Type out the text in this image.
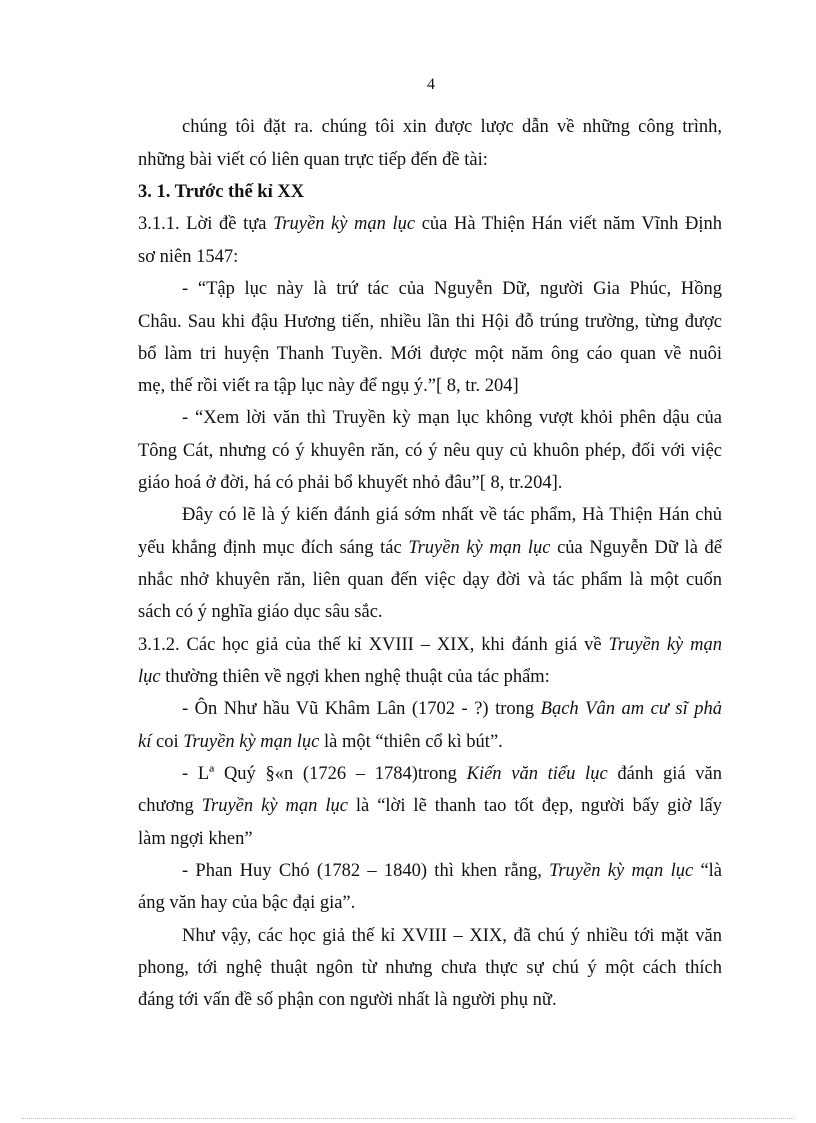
4
chúng tôi đặt ra. chúng tôi xin được lược dẫn về những công trình,
những bài viết có liên quan trực tiếp đến đề tài:
3. 1. Trước thế kỉ XX
3.1.1. Lời đề tựa Truyền kỳ mạn lục của Hà Thiện Hán viết năm Vĩnh Định
sơ niên 1547:
- “Tập lục này là trứ tác của Nguyễn Dữ, người Gia Phúc, Hồng
Châu. Sau khi đậu Hương tiến, nhiều lần thi Hội đỗ trúng trường, từng được
bổ làm tri huyện Thanh Tuyền. Mới được một năm ông cáo quan về nuôi
mẹ, thế rồi viết ra tập lục này để ngụ ý.”[ 8, tr. 204]
- “Xem lời văn thì Truyền kỳ mạn lục không vượt khỏi phên dậu của
Tông Cát, nhưng có ý khuyên răn, có ý nêu quy củ khuôn phép, đối với việc
giáo hoá ở đời, há có phải bổ khuyết nhỏ đâu”[ 8, tr.204].
Đây có lẽ là ý kiến đánh giá sớm nhất về tác phẩm, Hà Thiện Hán chủ
yếu khẳng định mục đích sáng tác Truyền kỳ mạn lục của Nguyễn Dữ là để
nhắc nhở khuyên răn, liên quan đến việc dạy đời và tác phẩm là một cuốn
sách có ý nghĩa giáo dục sâu sắc.
3.1.2. Các học giả của thế kỉ XVIII – XIX, khi đánh giá về Truyền kỳ mạn
lục thường thiên về ngợi khen nghệ thuật của tác phẩm:
- Ôn Như hầu Vũ Khâm Lân (1702 - ?) trong Bạch Vân am cư sĩ phả
kí coi Truyền kỳ mạn lục là một “thiên cổ kì bút”.
- Lª Quý §«n (1726 – 1784)trong Kiến văn tiểu lục đánh giá văn
chương Truyền kỳ mạn lục là “lời lẽ thanh tao tốt đẹp, người bấy giờ lấy
làm ngợi khen”
- Phan Huy Chó (1782 – 1840) thì khen rằng, Truyền kỳ mạn lục “là
áng văn hay của bậc đại gia”.
Như vậy, các học giả thế kỉ XVIII – XIX, đã chú ý nhiều tới mặt văn
phong, tới nghệ thuật ngôn từ nhưng chưa thực sự chú ý một cách thích
đáng tới vấn đề số phận con người nhất là người phụ nữ.
